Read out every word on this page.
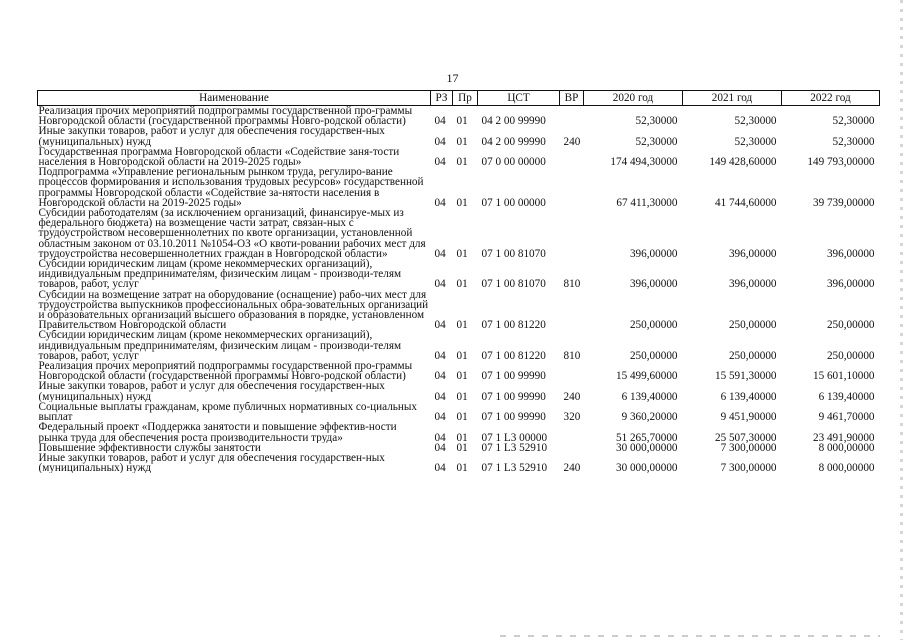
17
Наименование	РЗ	Пр	ЦСТ	ВР	2020 год	2021 год	2022 год
Реализация прочих мероприятий подпрограммы государственной про-граммы Новгородской области (государственной программы Новго-родской области)	04	01	04 2 00 99990		52,30000	52,30000	52,30000
Иные закупки товаров, работ и услуг для обеспечения государствен-ных (муниципальных) нужд	04	01	04 2 00 99990	240	52,30000	52,30000	52,30000
Государственная программа Новгородской области «Содействие заня-тости населения в Новгородской области на 2019-2025 годы»	04	01	07 0 00 00000		174 494,30000	149 428,60000	149 793,00000
Подпрограмма «Управление региональным рынком труда, регулиро-вание процессов формирования и использования трудовых ресурсов» государственной программы Новгородской области «Содействие за-нятости населения в Новгородской области на 2019-2025 годы»	04	01	07 1 00 00000		67 411,30000	41 744,60000	39 739,00000
Субсидии работодателям (за исключением организаций, финансируе-мых из федерального бюджета) на возмещение части затрат, связан-ных с трудоустройством несовершеннолетних по квоте организации, установленной областным законом от 03.10.2011 №1054-ОЗ «О квоти-ровании рабочих мест для трудоустройства несовершеннолетних граждан в Новгородской области»	04	01	07 1 00 81070		396,00000	396,00000	396,00000
Субсидии юридическим лицам (кроме некоммерческих организаций), индивидуальным предпринимателям, физическим лицам - производи-телям товаров, работ, услуг	04	01	07 1 00 81070	810	396,00000	396,00000	396,00000
Субсидии на возмещение затрат на оборудование (оснащение) рабо-чих мест для трудоустройства выпускников профессиональных обра-зовательных организаций и образовательных организаций высшего образования в порядке, установленном Правительством Новгородской области	04	01	07 1 00 81220		250,00000	250,00000	250,00000
Субсидии юридическим лицам (кроме некоммерческих организаций), индивидуальным предпринимателям, физическим лицам - производи-телям товаров, работ, услуг	04	01	07 1 00 81220	810	250,00000	250,00000	250,00000
Реализация прочих мероприятий подпрограммы государственной про-граммы Новгородской области (государственной программы Новго-родской области)	04	01	07 1 00 99990		15 499,60000	15 591,30000	15 601,10000
Иные закупки товаров, работ и услуг для обеспечения государствен-ных (муниципальных) нужд	04	01	07 1 00 99990	240	6 139,40000	6 139,40000	6 139,40000
Социальные выплаты гражданам, кроме публичных нормативных со-циальных выплат	04	01	07 1 00 99990	320	9 360,20000	9 451,90000	9 461,70000
Федеральный проект «Поддержка занятости и повышение эффектив-ности рынка труда для обеспечения роста производительности труда»	04	01	07 1 L3 00000		51 265,70000	25 507,30000	23 491,90000
Повышение эффективности службы занятости	04	01	07 1 L3 52910		30 000,00000	7 300,00000	8 000,00000
Иные закупки товаров, работ и услуг для обеспечения государствен-ных (муниципальных) нужд	04	01	07 1 L3 52910	240	30 000,00000	7 300,00000	8 000,00000
